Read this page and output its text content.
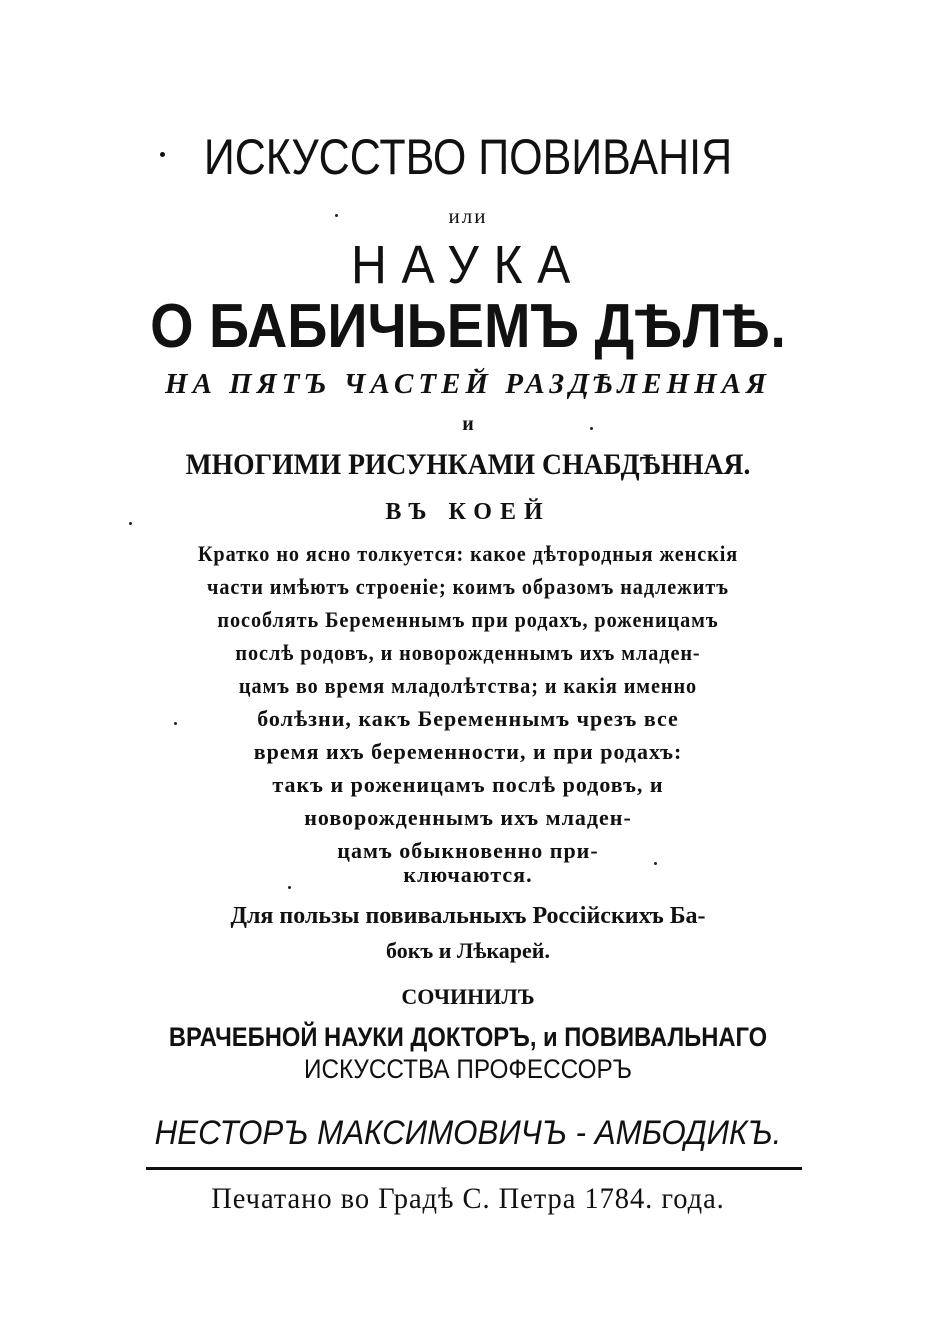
ИСКУССТВО ПОВИВАНІЯ
или
НАУКА
О БАБИЧЬЕМЪ ДѢЛѢ.
НА ПЯТЪ ЧАСТЕЙ РАЗДѢЛЕННАЯ
и
МНОГИМИ РИСУНКАМИ СНАБДѢННАЯ.
ВЪ КОЕЙ
Кратко но ясно толкуется: какое дѣтородныя женскія
части имѣютъ строеніе; коимъ образомъ надлежитъ
пособлять Беременнымъ при родахъ, роженицамъ
послѣ родовъ, и новорожденнымъ ихъ младен-
цамъ во время младолѣтства; и какія именно
болѣзни, какъ Беременнымъ чрезъ все
время ихъ беременности, и при родахъ:
такъ и роженицамъ послѣ родовъ, и
новорожденнымъ ихъ младен-
цамъ обыкновенно при-
ключаются.
Для пользы повивальныхъ Россійскихъ Ба-
бокъ и Лѣкарей.
СОЧИНИЛЪ
ВРАЧЕБНОЙ НАУКИ ДОКТОРЪ, и ПОВИВАЛЬНАГО
ИСКУССТВА ПРОФЕССОРЪ
НЕСТОРЪ МАКСИМОВИЧЪ - АМБОДИКЪ.
Печатано во Градѣ С. Петра 1784. года.
